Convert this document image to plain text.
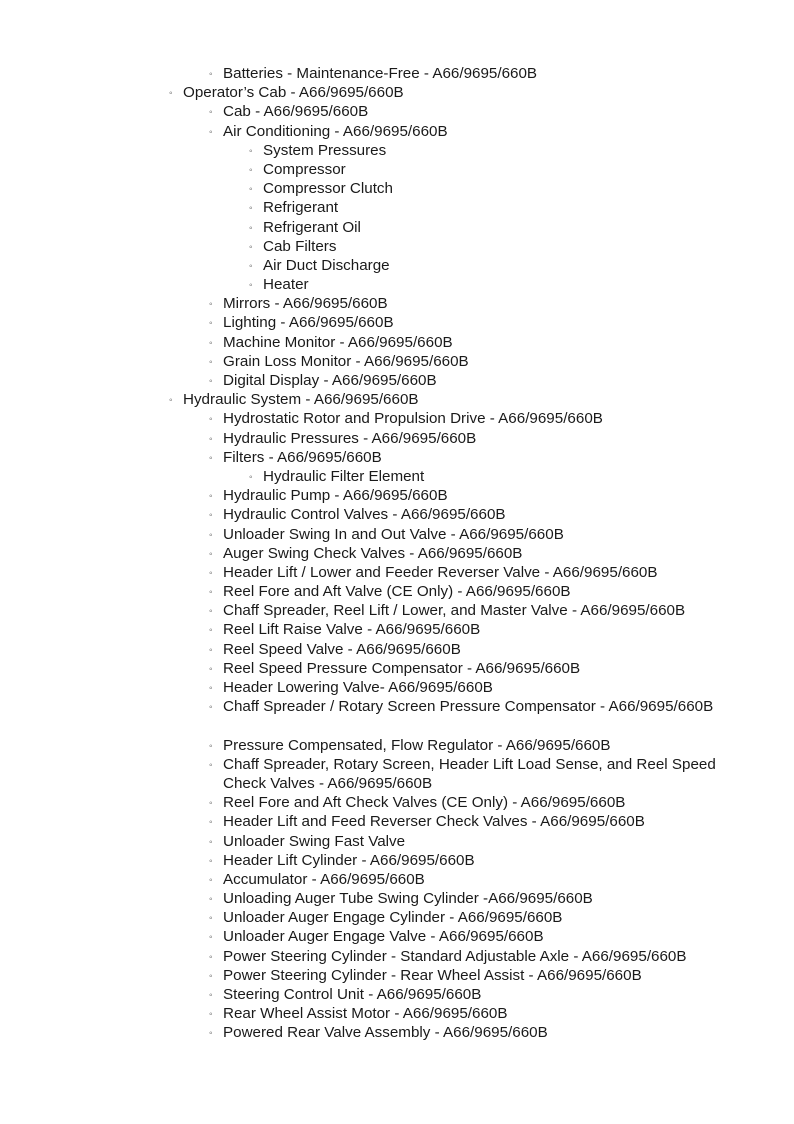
◦ Batteries - Maintenance-Free - A66/9695/660B
◦ Operator’s Cab - A66/9695/660B
◦ Cab - A66/9695/660B
◦ Air Conditioning - A66/9695/660B
◦ System Pressures
◦ Compressor
◦ Compressor Clutch
◦ Refrigerant
◦ Refrigerant Oil
◦ Cab Filters
◦ Air Duct Discharge
◦ Heater
◦ Mirrors - A66/9695/660B
◦ Lighting - A66/9695/660B
◦ Machine Monitor - A66/9695/660B
◦ Grain Loss Monitor - A66/9695/660B
◦ Digital Display - A66/9695/660B
◦ Hydraulic System - A66/9695/660B
◦ Hydrostatic Rotor and Propulsion Drive - A66/9695/660B
◦ Hydraulic Pressures - A66/9695/660B
◦ Filters - A66/9695/660B
◦ Hydraulic Filter Element
◦ Hydraulic Pump - A66/9695/660B
◦ Hydraulic Control Valves - A66/9695/660B
◦ Unloader Swing In and Out Valve - A66/9695/660B
◦ Auger Swing Check Valves - A66/9695/660B
◦ Header Lift / Lower and Feeder Reverser Valve - A66/9695/660B
◦ Reel Fore and Aft Valve (CE Only) - A66/9695/660B
◦ Chaff Spreader, Reel Lift / Lower, and Master Valve - A66/9695/660B
◦ Reel Lift Raise Valve - A66/9695/660B
◦ Reel Speed Valve - A66/9695/660B
◦ Reel Speed Pressure Compensator - A66/9695/660B
◦ Header Lowering Valve- A66/9695/660B
◦ Chaff Spreader / Rotary Screen Pressure Compensator - A66/9695/660B
◦ Pressure Compensated, Flow Regulator - A66/9695/660B
◦ Chaff Spreader, Rotary Screen, Header Lift Load Sense, and Reel Speed Check Valves - A66/9695/660B
◦ Reel Fore and Aft Check Valves (CE Only) - A66/9695/660B
◦ Header Lift and Feed Reverser Check Valves - A66/9695/660B
◦ Unloader Swing Fast Valve
◦ Header Lift Cylinder - A66/9695/660B
◦ Accumulator - A66/9695/660B
◦ Unloading Auger Tube Swing Cylinder -A66/9695/660B
◦ Unloader Auger Engage Cylinder - A66/9695/660B
◦ Unloader Auger Engage Valve - A66/9695/660B
◦ Power Steering Cylinder - Standard Adjustable Axle - A66/9695/660B
◦ Power Steering Cylinder - Rear Wheel Assist - A66/9695/660B
◦ Steering Control Unit - A66/9695/660B
◦ Rear Wheel Assist Motor - A66/9695/660B
◦ Powered Rear Valve Assembly - A66/9695/660B
